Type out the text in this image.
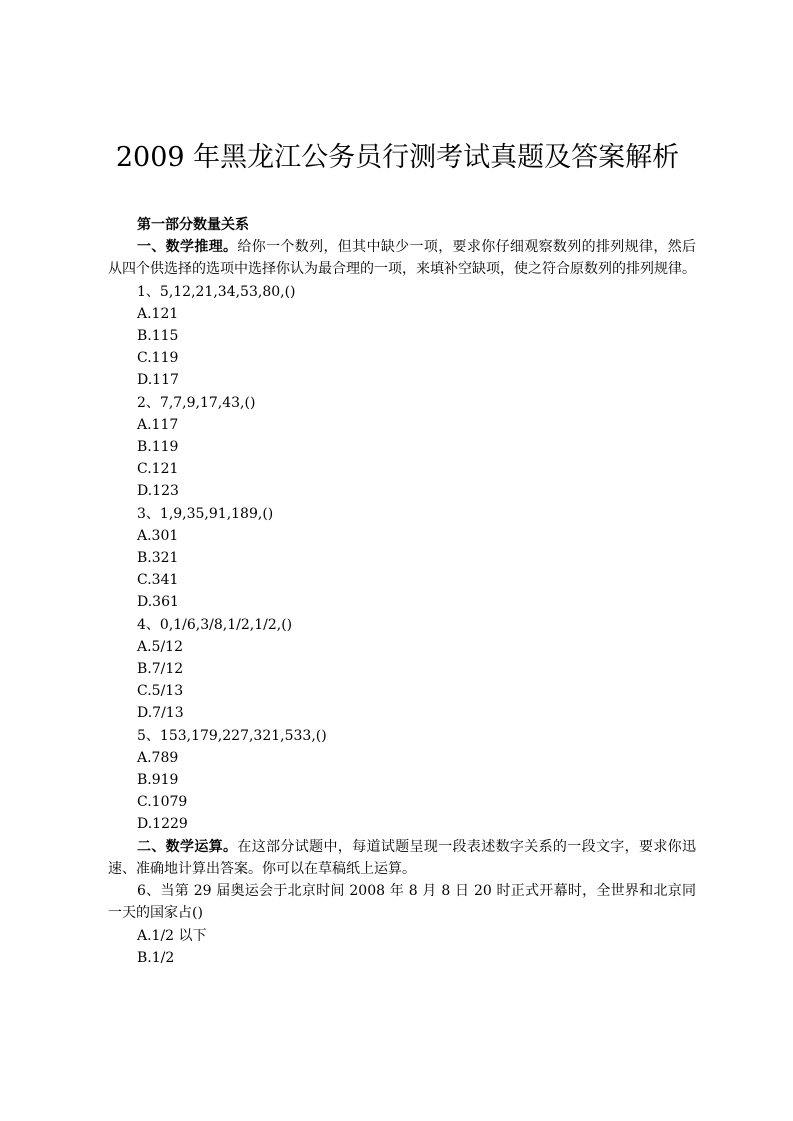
2009 年黑龙江公务员行测考试真题及答案解析

第一部分数量关系

一、数学推理。给你一个数列，但其中缺少一项，要求你仔细观察数列的排列规律，然后从四个供选择的选项中选择你认为最合理的一项，来填补空缺项，使之符合原数列的排列规律。

1、5,12,21,34,53,80,()
A.121
B.115
C.119
D.117
2、7,7,9,17,43,()
A.117
B.119
C.121
D.123
3、1,9,35,91,189,()
A.301
B.321
C.341
D.361
4、0,1/6,3/8,1/2,1/2,()
A.5/12
B.7/12
C.5/13
D.7/13
5、153,179,227,321,533,()
A.789
B.919
C.1079
D.1229

二、数学运算。在这部分试题中，每道试题呈现一段表述数字关系的一段文字，要求你迅速、准确地计算出答案。你可以在草稿纸上运算。

6、当第 29 届奥运会于北京时间 2008 年 8 月 8 日 20 时正式开幕时，全世界和北京同一天的国家占()

A.1/2 以下
B.1/2
